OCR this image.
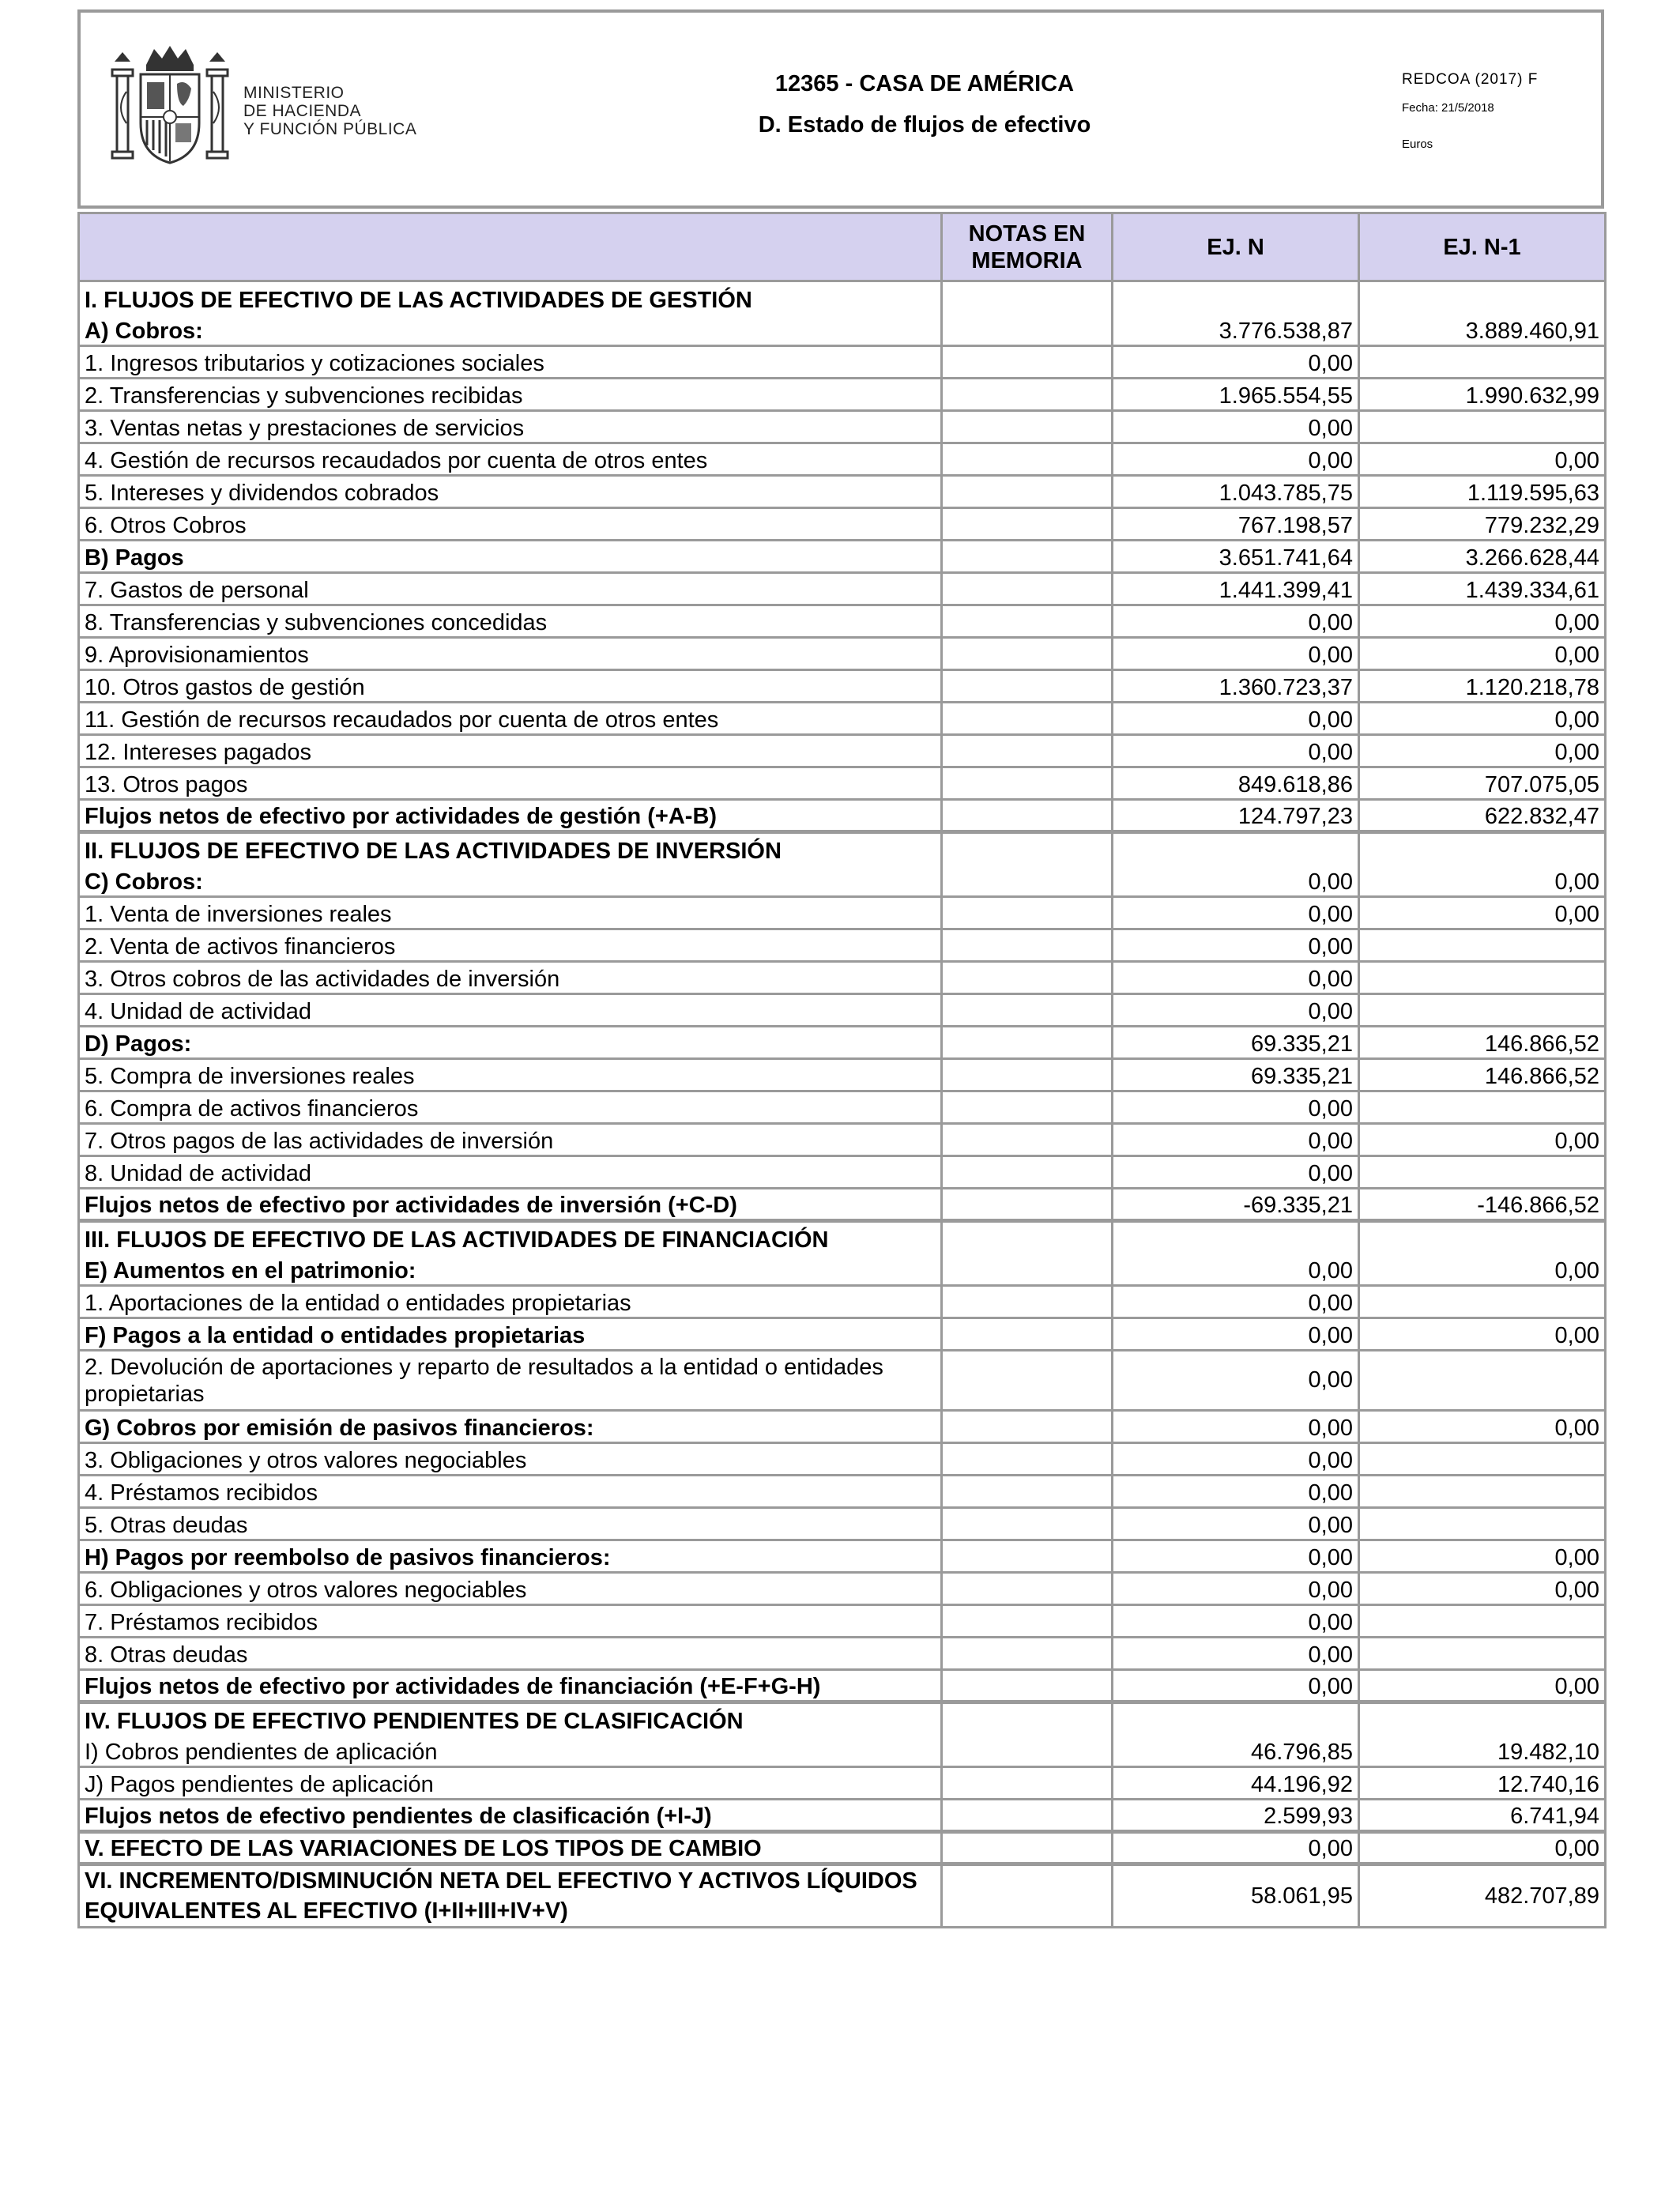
MINISTERIO
DE HACIENDA
Y FUNCIÓN PÚBLICA
12365 - CASA DE AMÉRICA
D. Estado de flujos de efectivo
REDCOA (2017) F
Fecha: 21/5/2018
Euros

	NOTAS EN MEMORIA	EJ. N	EJ. N-1
I. FLUJOS DE EFECTIVO DE LAS ACTIVIDADES DE GESTIÓN			
A) Cobros:		3.776.538,87	3.889.460,91
1. Ingresos tributarios y cotizaciones sociales		0,00	
2. Transferencias y subvenciones recibidas		1.965.554,55	1.990.632,99
3. Ventas netas y prestaciones de servicios		0,00	
4. Gestión de recursos recaudados por cuenta de otros entes		0,00	0,00
5. Intereses y dividendos cobrados		1.043.785,75	1.119.595,63
6. Otros Cobros		767.198,57	779.232,29
B) Pagos		3.651.741,64	3.266.628,44
7. Gastos de personal		1.441.399,41	1.439.334,61
8. Transferencias y subvenciones concedidas		0,00	0,00
9. Aprovisionamientos		0,00	0,00
10. Otros gastos de gestión		1.360.723,37	1.120.218,78
11. Gestión de recursos recaudados por cuenta de otros entes		0,00	0,00
12. Intereses pagados		0,00	0,00
13. Otros pagos		849.618,86	707.075,05
Flujos netos de efectivo por actividades de gestión (+A-B)		124.797,23	622.832,47
II. FLUJOS DE EFECTIVO DE LAS ACTIVIDADES DE INVERSIÓN			
C) Cobros:		0,00	0,00
1. Venta de inversiones reales		0,00	0,00
2. Venta de activos financieros		0,00	
3. Otros cobros de las actividades de inversión		0,00	
4. Unidad de actividad		0,00	
D) Pagos:		69.335,21	146.866,52
5. Compra de inversiones reales		69.335,21	146.866,52
6. Compra de activos financieros		0,00	
7. Otros pagos de las actividades de inversión		0,00	0,00
8. Unidad de actividad		0,00	
Flujos netos de efectivo por actividades de inversión (+C-D)		-69.335,21	-146.866,52
III. FLUJOS DE EFECTIVO DE LAS ACTIVIDADES DE FINANCIACIÓN			
E) Aumentos en el patrimonio:		0,00	0,00
1. Aportaciones de la entidad o entidades propietarias		0,00	
F) Pagos a la entidad o entidades propietarias		0,00	0,00
2. Devolución de aportaciones y reparto de resultados a la entidad o entidades propietarias		0,00	
G) Cobros por emisión de pasivos financieros:		0,00	0,00
3. Obligaciones y otros valores negociables		0,00	
4. Préstamos recibidos		0,00	
5. Otras deudas		0,00	
H) Pagos por reembolso de pasivos financieros:		0,00	0,00
6. Obligaciones y otros valores negociables		0,00	0,00
7. Préstamos recibidos		0,00	
8. Otras deudas		0,00	
Flujos netos de efectivo por actividades de financiación (+E-F+G-H)		0,00	0,00
IV. FLUJOS DE EFECTIVO PENDIENTES DE CLASIFICACIÓN			
I) Cobros pendientes de aplicación		46.796,85	19.482,10
J) Pagos pendientes de aplicación		44.196,92	12.740,16
Flujos netos de efectivo pendientes de clasificación (+I-J)		2.599,93	6.741,94
V. EFECTO DE LAS VARIACIONES DE LOS TIPOS DE CAMBIO		0,00	0,00
VI. INCREMENTO/DISMINUCIÓN NETA DEL EFECTIVO Y ACTIVOS LÍQUIDOS EQUIVALENTES AL EFECTIVO (I+II+III+IV+V)		58.061,95	482.707,89
